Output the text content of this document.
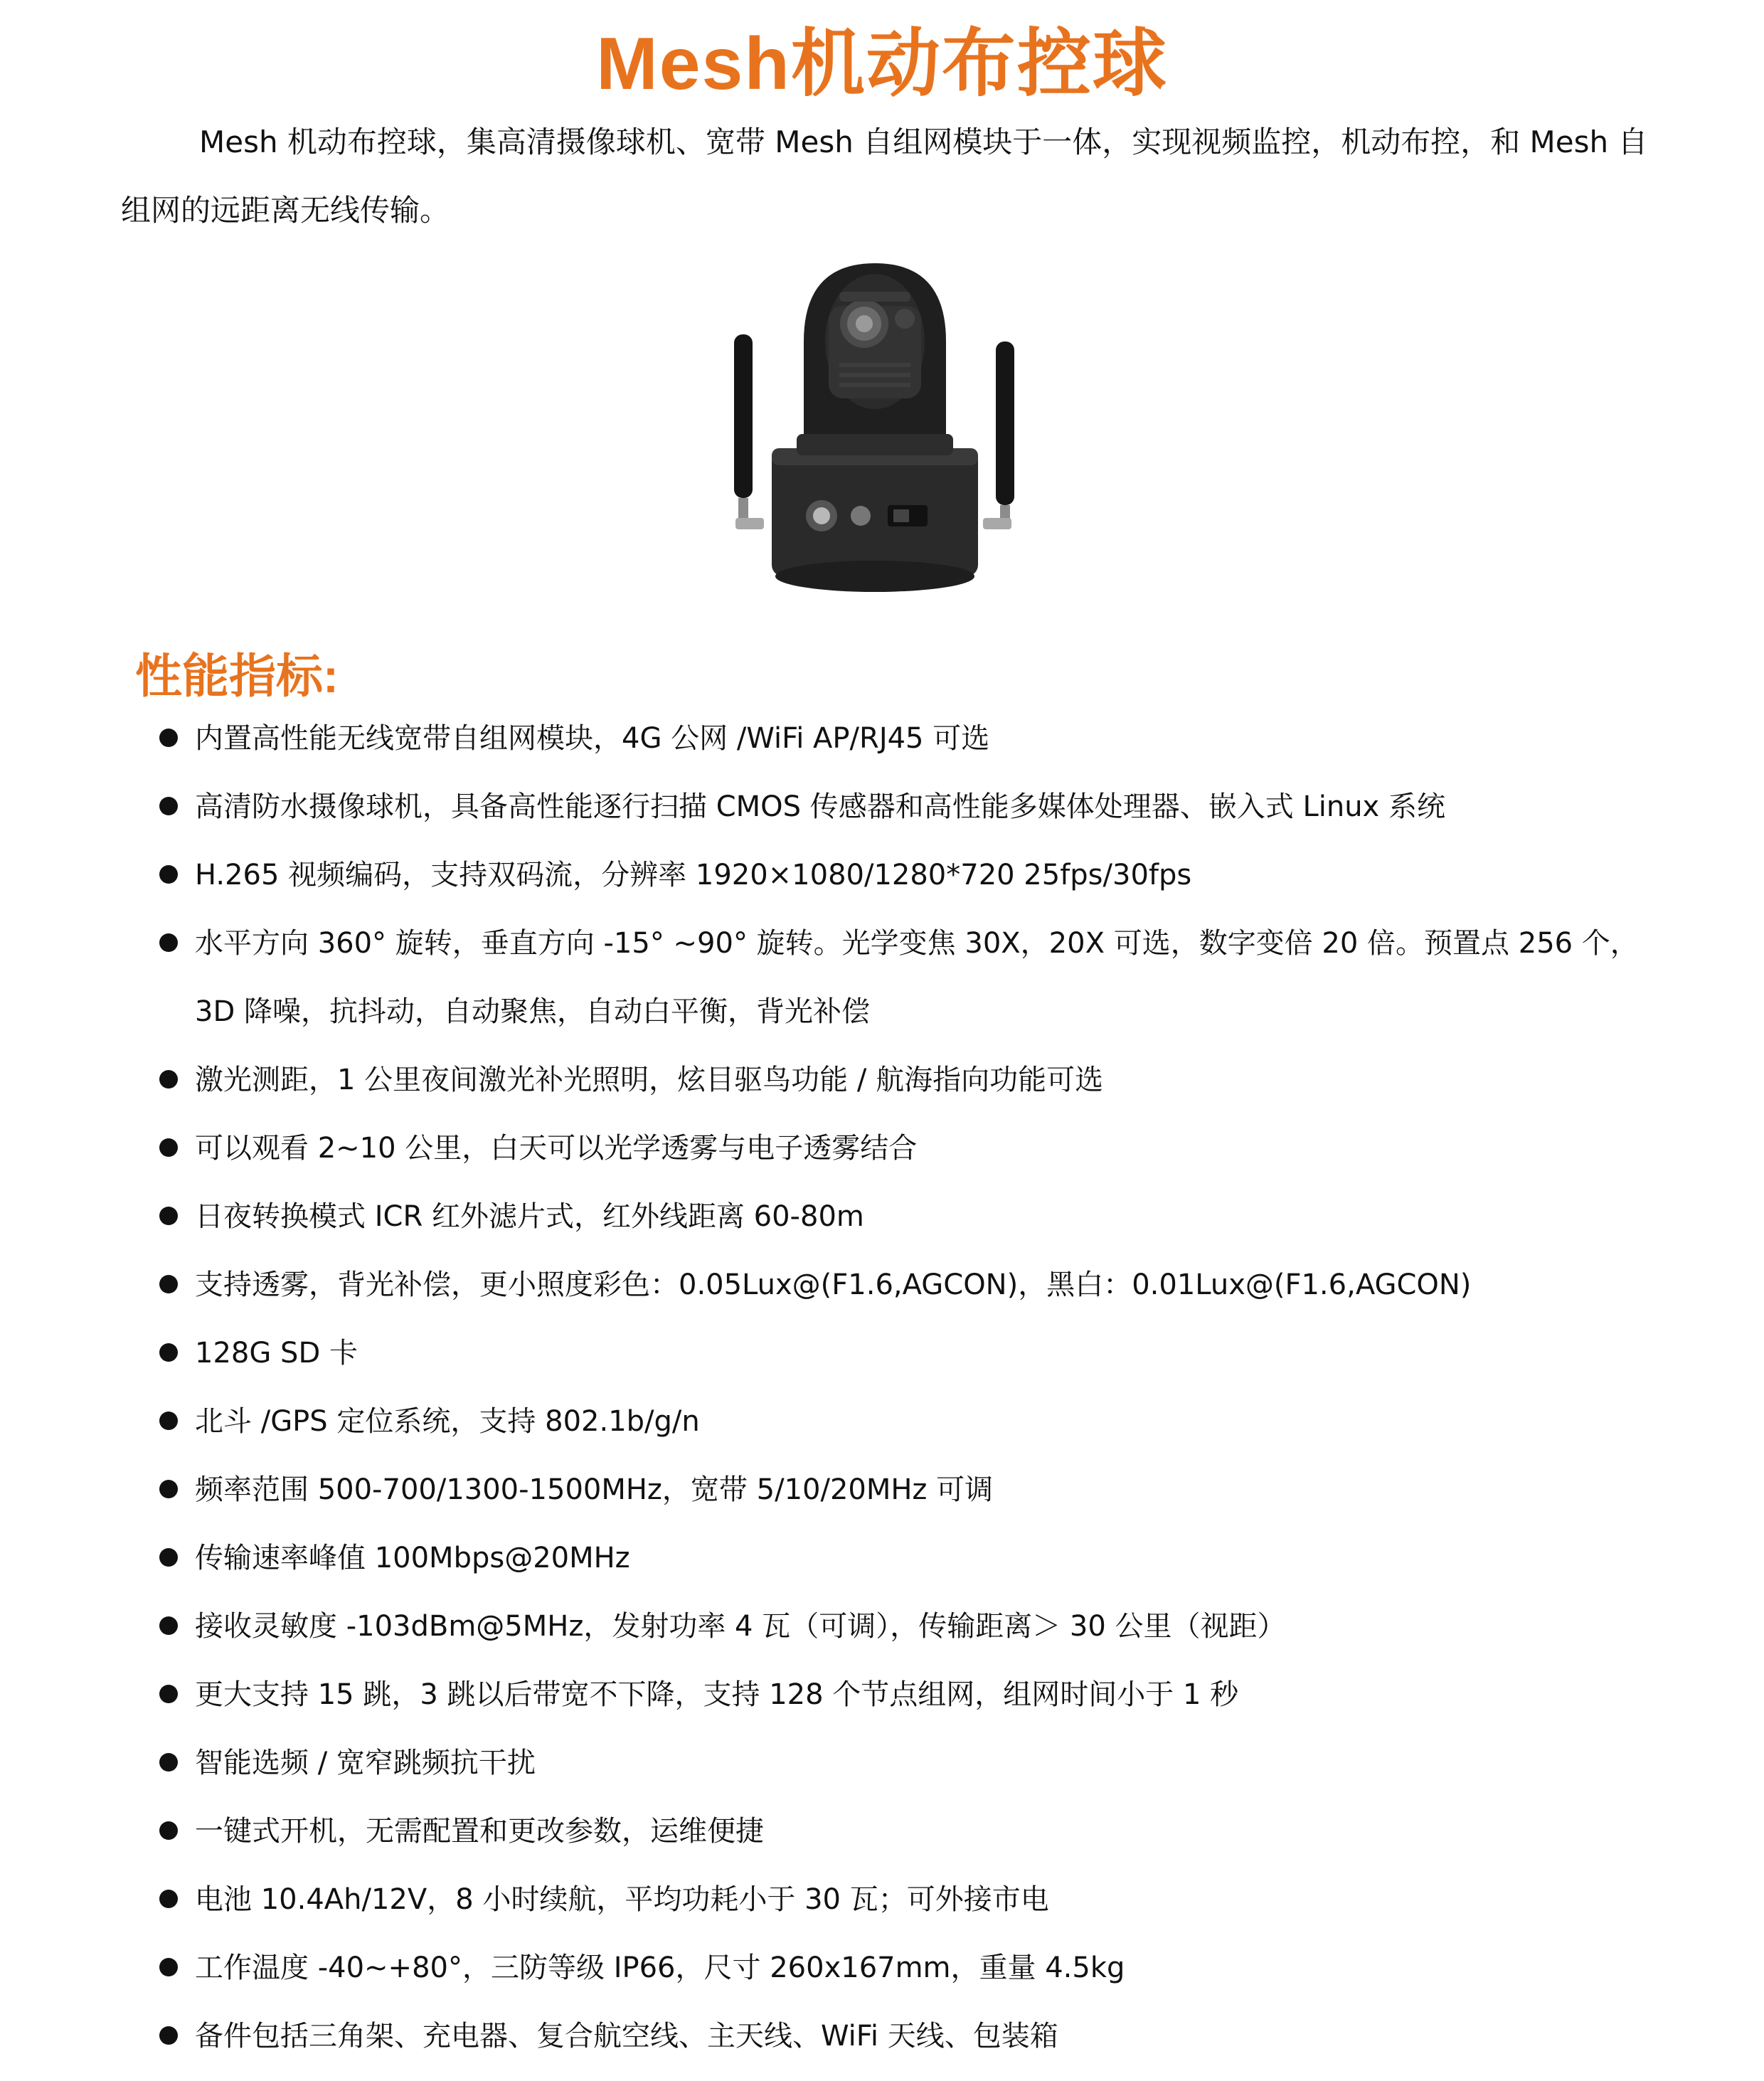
Mesh机动布控球

Mesh 机动布控球，集高清摄像球机、宽带 Mesh 自组网模块于一体，实现视频监控，机动布控，和 Mesh 自组网的远距离无线传输。

性能指标:
内置高性能无线宽带自组网模块，4G 公网 /WiFi AP/RJ45 可选
高清防水摄像球机，具备高性能逐行扫描 CMOS 传感器和高性能多媒体处理器、嵌入式 Linux 系统
H.265 视频编码，支持双码流，分辨率 1920×1080/1280*720 25fps/30fps
水平方向 360° 旋转，垂直方向 -15° ~90° 旋转。光学变焦 30X，20X 可选，数字变倍 20 倍。预置点 256 个，3D 降噪，抗抖动，自动聚焦，自动白平衡，背光补偿
激光测距，1 公里夜间激光补光照明，炫目驱鸟功能 / 航海指向功能可选
可以观看 2~10 公里，白天可以光学透雾与电子透雾结合
日夜转换模式 ICR 红外滤片式，红外线距离 60-80m
支持透雾，背光补偿，更小照度彩色：0.05Lux@(F1.6,AGCON)，黑白：0.01Lux@(F1.6,AGCON)
128G SD 卡
北斗 /GPS 定位系统，支持 802.1b/g/n
频率范围 500-700/1300-1500MHz，宽带 5/10/20MHz 可调
传输速率峰值 100Mbps@20MHz
接收灵敏度 -103dBm@5MHz，发射功率 4 瓦（可调），传输距离＞ 30 公里（视距）
更大支持 15 跳，3 跳以后带宽不下降，支持 128 个节点组网，组网时间小于 1 秒
智能选频 / 宽窄跳频抗干扰
一键式开机，无需配置和更改参数，运维便捷
电池 10.4Ah/12V，8 小时续航，平均功耗小于 30 瓦；可外接市电
工作温度 -40~+80°，三防等级 IP66，尺寸 260x167mm，重量 4.5kg
备件包括三角架、充电器、复合航空线、主天线、WiFi 天线、包装箱
